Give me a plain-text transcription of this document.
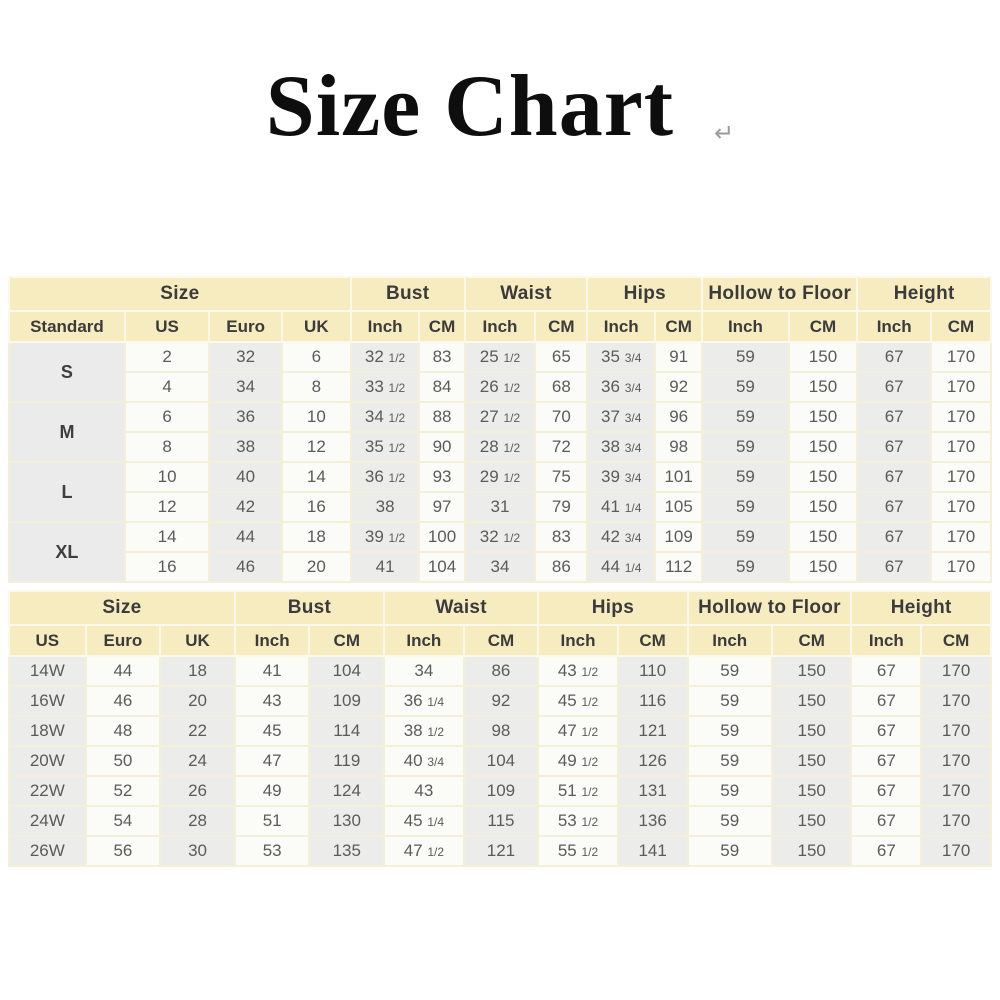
Size Chart ↵
Size				Bust		Waist		Hips		Hollow to Floor		Height	
Standard	US	Euro	UK	Inch	CM	Inch	CM	Inch	CM	Inch	CM	Inch	CM
S	2	32	6	32 1/2	83	25 1/2	65	35 3/4	91	59	150	67	170
	4	34	8	33 1/2	84	26 1/2	68	36 3/4	92	59	150	67	170
M	6	36	10	34 1/2	88	27 1/2	70	37 3/4	96	59	150	67	170
	8	38	12	35 1/2	90	28 1/2	72	38 3/4	98	59	150	67	170
L	10	40	14	36 1/2	93	29 1/2	75	39 3/4	101	59	150	67	170
	12	42	16	38	97	31	79	41 1/4	105	59	150	67	170
XL	14	44	18	39 1/2	100	32 1/2	83	42 3/4	109	59	150	67	170
	16	46	20	41	104	34	86	44 1/4	112	59	150	67	170
Size			Bust		Waist		Hips		Hollow to Floor		Height	
US	Euro	UK	Inch	CM	Inch	CM	Inch	CM	Inch	CM	Inch	CM
14W	44	18	41	104	34	86	43 1/2	110	59	150	67	170
16W	46	20	43	109	36 1/4	92	45 1/2	116	59	150	67	170
18W	48	22	45	114	38 1/2	98	47 1/2	121	59	150	67	170
20W	50	24	47	119	40 3/4	104	49 1/2	126	59	150	67	170
22W	52	26	49	124	43	109	51 1/2	131	59	150	67	170
24W	54	28	51	130	45 1/4	115	53 1/2	136	59	150	67	170
26W	56	30	53	135	47 1/2	121	55 1/2	141	59	150	67	170
